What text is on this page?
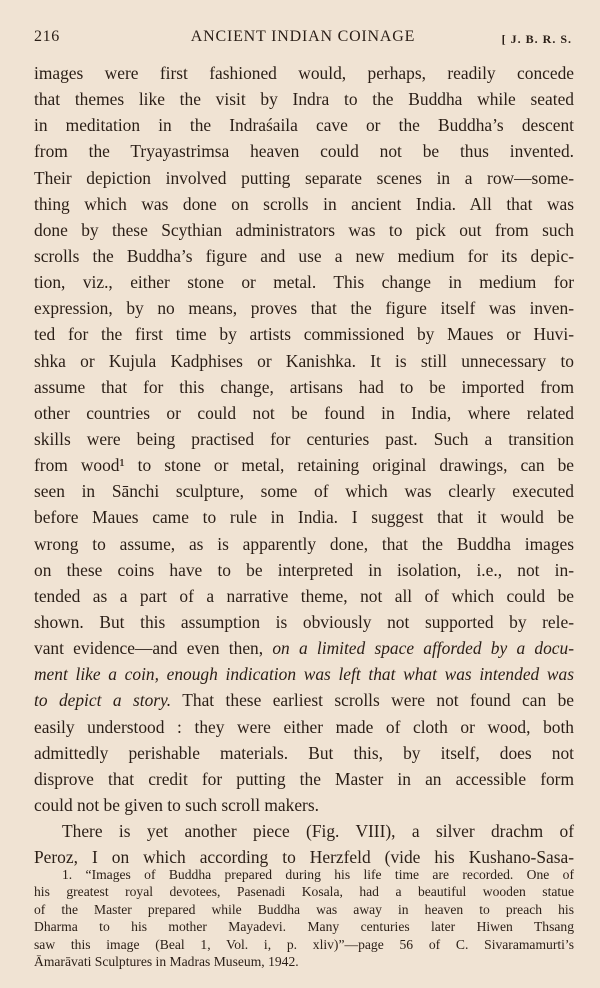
216	ANCIENT INDIAN COINAGE	[ J. B. R. S.
images were first fashioned would, perhaps, readily concede
that themes like the visit by Indra to the Buddha while seated
in meditation in the Indraśaila cave or the Buddha’s descent
from the Tryayastrimsa heaven could not be thus invented.
Their depiction involved putting separate scenes in a row—some-
thing which was done on scrolls in ancient India. All that was
done by these Scythian administrators was to pick out from such
scrolls the Buddha’s figure and use a new medium for its depic-
tion, viz., either stone or metal. This change in medium for
expression, by no means, proves that the figure itself was inven-
ted for the first time by artists commissioned by Maues or Huvi-
shka or Kujula Kadphises or Kanishka. It is still unnecessary to
assume that for this change, artisans had to be imported from
other countries or could not be found in India, where related
skills were being practised for centuries past. Such a transition
from wood¹ to stone or metal, retaining original drawings, can be
seen in Sānchi sculpture, some of which was clearly executed
before Maues came to rule in India. I suggest that it would be
wrong to assume, as is apparently done, that the Buddha images
on these coins have to be interpreted in isolation, i.e., not in-
tended as a part of a narrative theme, not all of which could be
shown. But this assumption is obviously not supported by rele-
vant evidence—and even then, on a limited space afforded by a docu-
ment like a coin, enough indication was left that what was intended was
to depict a story. That these earliest scrolls were not found can be
easily understood : they were either made of cloth or wood, both
admittedly perishable materials. But this, by itself, does not
disprove that credit for putting the Master in an accessible form
could not be given to such scroll makers.
There is yet another piece (Fig. VIII), a silver drachm of
Peroz, I on which according to Herzfeld (vide his Kushano-Sasa-
1. “Images of Buddha prepared during his life time are recorded. One of
his greatest royal devotees, Pasenadi Kosala, had a beautiful wooden statue
of the Master prepared while Buddha was away in heaven to preach his
Dharma to his mother Mayadevi. Many centuries later Hiwen Thsang
saw this image (Beal 1, Vol. i, p. xliv)”—page 56 of C. Sivaramamurti’s
Āmarāvati Sculptures in Madras Museum, 1942.
